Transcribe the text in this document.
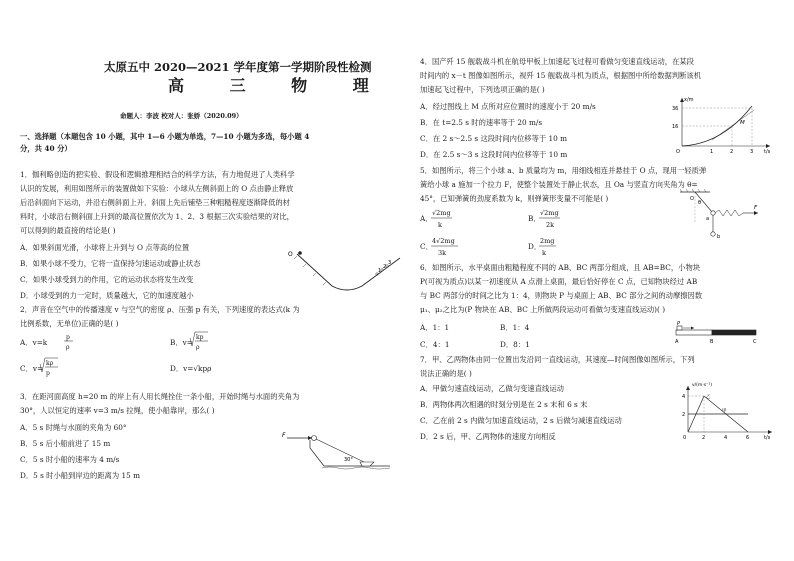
太原五中 2020—2021 学年度第一学期阶段性检测
高 三 物 理
命题人：李波 校对人：张娇（2020.09）
一、选择题（本题包含 10 小题，其中 1—6 小题为单选，7—10 小题为多选，每小题 4
分，共 40 分）
1．伽利略创造的把实验、假设和逻辑推理相结合的科学方法，有力地促进了人类科学
认识的发展，利用如图所示的装置做如下实验：小球从左侧斜面上的 O 点由静止释放
后沿斜面向下运动，并沿右侧斜面上升．斜面上先后铺垫三种粗糙程度逐渐降低的材
料时，小球沿右侧斜面上升到的最高位置依次为 1、2、3 根据三次实验结果的对比，
可以得到的最直接的结论是( )
A．如果斜面光滑，小球将上升到与 O 点等高的位置
B．如果小球不受力，它将一直保持匀速运动或静止状态
C．如果小球受到力的作用，它的运动状态将发生改变
D．小球受到的力一定时，质量越大，它的加速度越小
O
1
2
3
2．声音在空气中的传播速度 v 与空气的密度 ρ、压强 p 有关，下列速度的表达式(k 为
比例系数，无单位)正确的是( )
A．v=k
p
ρ
B．v=
kp
ρ
C．v=
kρ
p
D．v=√kpρ
3．在距河面高度 h=20 m 的岸上有人用长绳拴住一条小船，开始时绳与水面的夹角为
30°，人以恒定的速率 v=3 m/s 拉绳，使小船靠岸，那么( )
A．5 s 时绳与水面的夹角为 60°
B．5 s 后小船前进了 15 m
C．5 s 时小船的速率为 4 m/s
D．5 s 时小船到岸边的距离为 15 m
F
30°
4．国产歼 15 舰载战斗机在航母甲板上加速起飞过程可看做匀变速直线运动，在某段
时间内的 x－t 图像如图所示，视歼 15 舰载战斗机为质点，根据图中所给数据判断该机
加速起飞过程中，下列选项正确的是( )
A．经过图线上 M 点所对应位置时的速度小于 20 m/s
B．在 t=2.5 s 时的速率等于 20 m/s
C．在 2 s～2.5 s 这段时间内位移等于 10 m
D．在 2.5 s～3 s 这段时间内位移等于 10 m
x/m
36
16
M
O	1	2	3 t/s
5．如图所示，将三个小球 a、b 质量均为 m，用细线相连并悬挂于 O 点，现用一轻质弹
簧给小球 a 施加一个拉力 F，使整个装置处于静止状态，且 Oa 与竖直方向夹角为 θ=
45°，已知弹簧的劲度系数为 k，则弹簧形变量不可能是( )
A．
√2mg
k
B．
√2mg
2k
C．
4√2mg
3k
D．
2mg
k
O
θ
a
F
b
6．如图所示，水平桌面由粗糙程度不同的 AB、BC 两部分组成，且 AB=BC，小物块
P(可视为质点)以某一初速度从 A 点滑上桌面，最后恰好停在 C 点，已知物块经过 AB
与 BC 两部分的时间之比为 1：4，则物块 P 与桌面上 AB、BC 部分之间的动摩擦因数
μ₁、μ₂之比为(P 物块在 AB、BC 上所做两段运动可看做匀变速直线运动)( )
A．1：1	B．1：4
C．4：1	D．8：1
P
A	B	C
7．甲、乙两物体由同一位置出发沿同一直线运动，其速度—时间图像如图所示，下列
说法正确的是( )
A．甲做匀速直线运动，乙做匀变速直线运动
B．两物体两次相遇的时刻分别是在 2 s 末和 6 s 末
C．乙在前 2 s 内做匀加速直线运动，2 s 后做匀减速直线运动
D．2 s 后，甲、乙两物体的速度方向相反
v/(m·s⁻¹)
4
2
甲
乙
0	2	4	6	t/s
